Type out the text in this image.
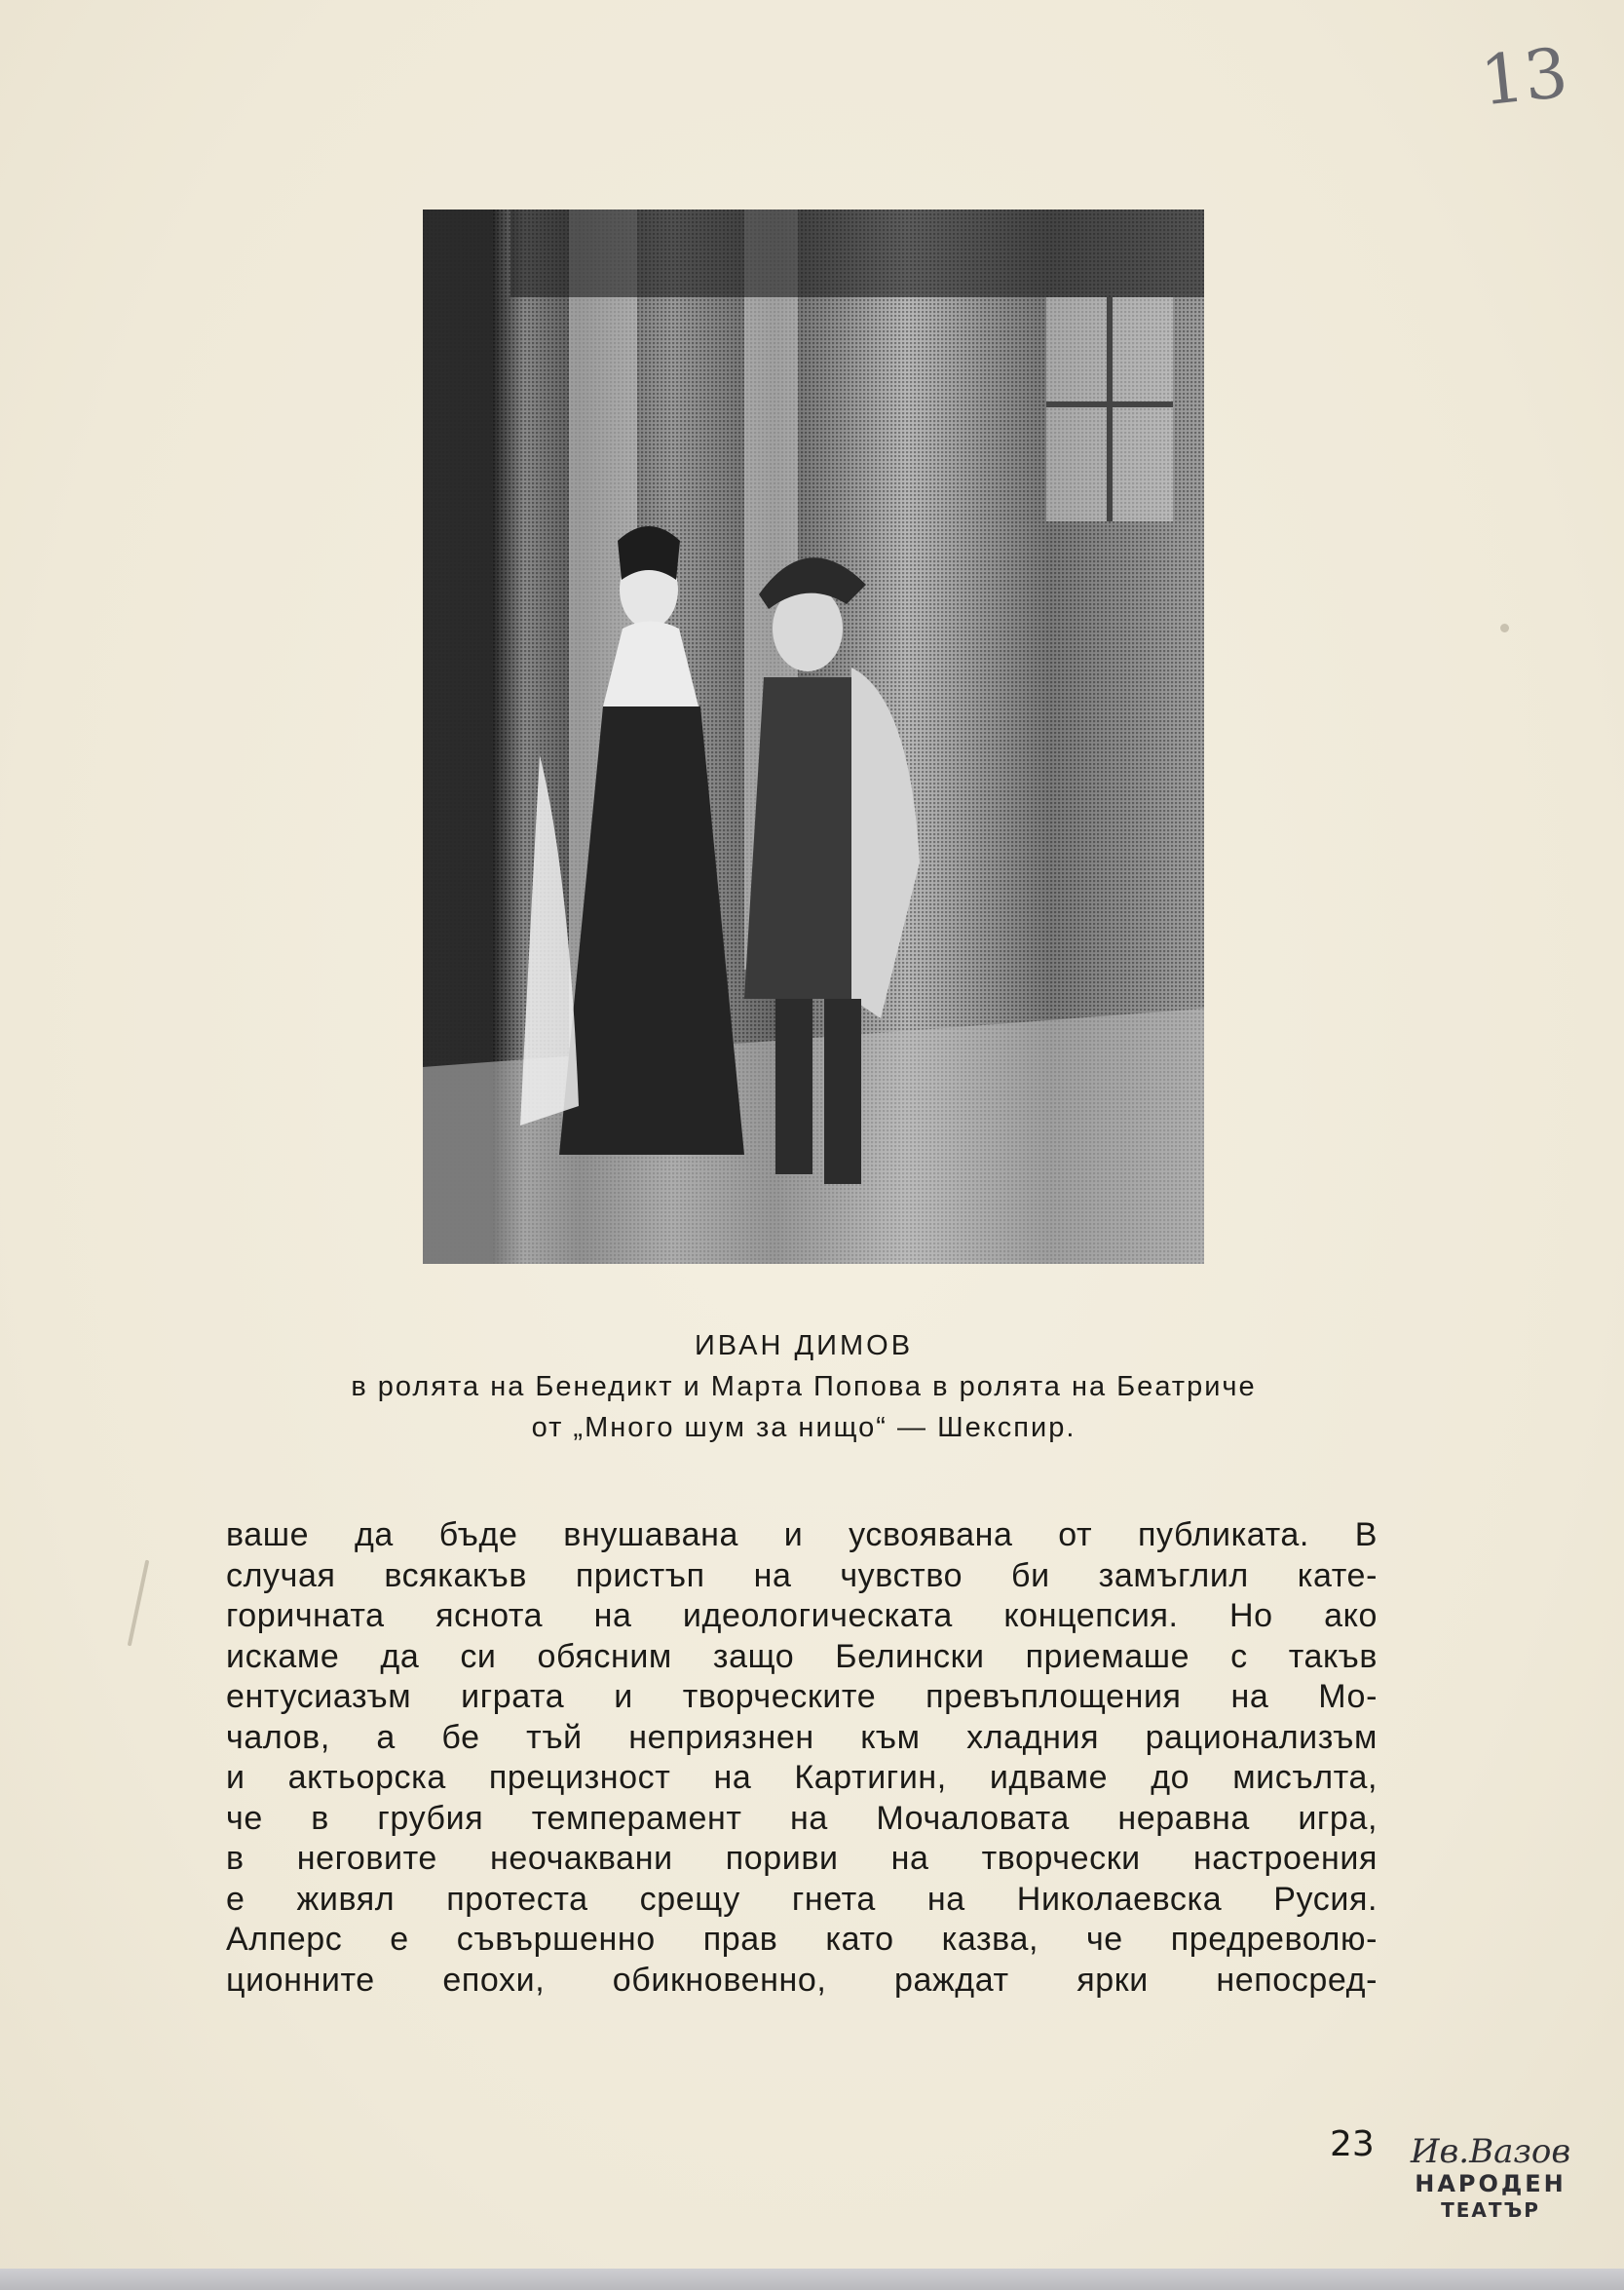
13
ИВАН ДИМОВ
в ролята на Бенедикт и Марта Попова в ролята на Беатриче
от „Много шум за нищо“ — Шекспир.
ваше да бъде внушавана и усвоявана от публиката. В
случая всякакъв пристъп на чувство би замъглил кате-
горичната яснота на идеологическата концепсия. Но ако
искаме да си обясним защо Белински приемаше с такъв
ентусиазъм играта и творческите превъплощения на Мо-
чалов, а бе тъй неприязнен към хладния рационализъм
и актьорска прецизност на Картигин, идваме до мисълта,
че в грубия темперамент на Мочаловата неравна игра,
в неговите неочаквани пориви на творчески настроения
е живял протеста срещу гнета на Николаевска Русия.
Алперс е съвършенно прав като казва, че предреволю-
ционните епохи, обикновенно, раждат ярки непосред-
23 Ив.Вазов
НАРОДЕН
ТЕАТЪР
